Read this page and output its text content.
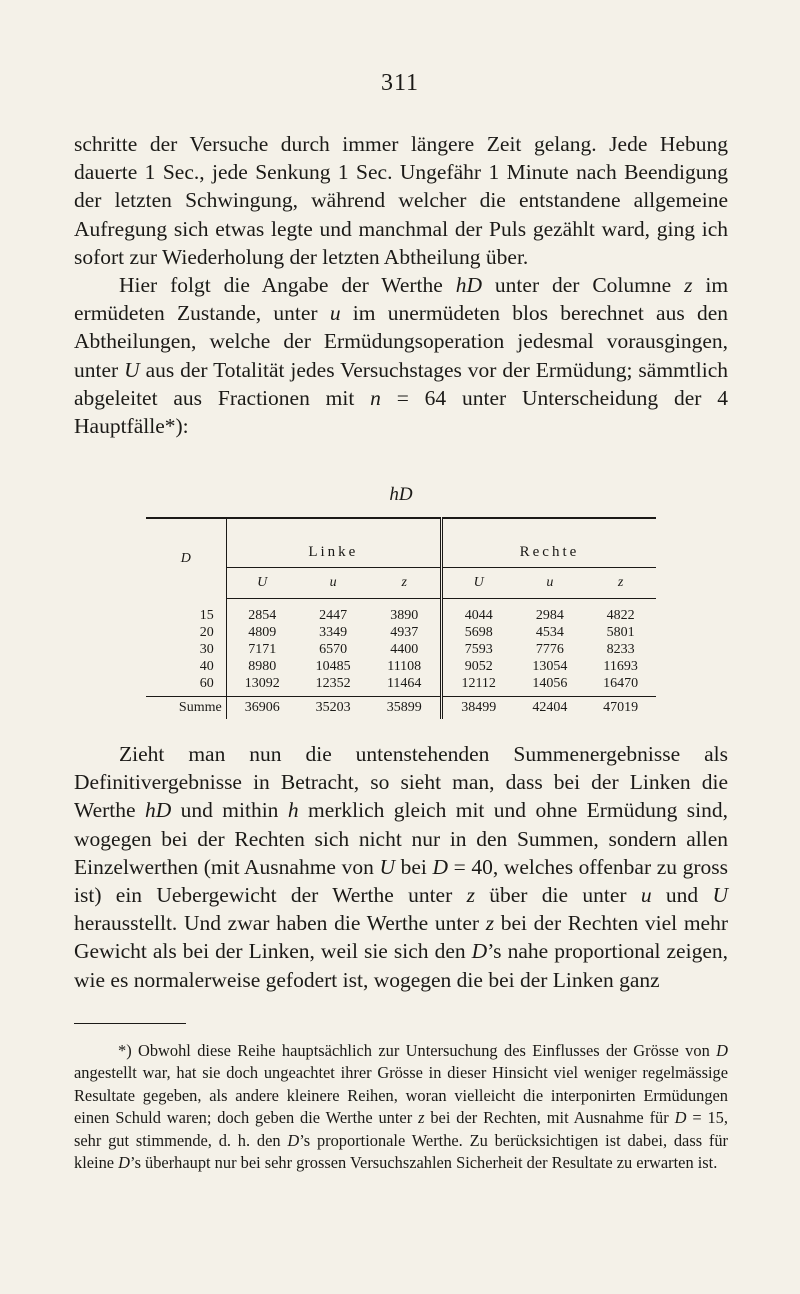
311

schritte der Versuche durch immer längere Zeit gelang. Jede Hebung dauerte 1 Sec., jede Senkung 1 Sec. Ungefähr 1 Minute nach Beendigung der letzten Schwingung, während welcher die entstandene allgemeine Aufregung sich etwas legte und manchmal der Puls gezählt ward, ging ich sofort zur Wiederholung der letzten Abtheilung über.

Hier folgt die Angabe der Werthe hD unter der Columne z im ermüdeten Zustande, unter u im unermüdeten blos berechnet aus den Abtheilungen, welche der Ermüdungsoperation jedesmal vorausgingen, unter U aus der Totalität jedes Versuchstages vor der Ermüdung; sämmtlich abgeleitet aus Fractionen mit n = 64 unter Unterscheidung der 4 Hauptfälle*):

hD
D	Linke			Rechte		
	U	u	z	U	u	z
15	2854	2447	3890	4044	2984	4822
20	4809	3349	4937	5698	4534	5801
30	7171	6570	4400	7593	7776	8233
40	8980	10485	11108	9052	13054	11693
60	13092	12352	11464	12112	14056	16470
Summe	36906	35203	35899	38499	42404	47019

Zieht man nun die untenstehenden Summenergebnisse als Definitivergebnisse in Betracht, so sieht man, dass bei der Linken die Werthe hD und mithin h merklich gleich mit und ohne Ermüdung sind, wogegen bei der Rechten sich nicht nur in den Summen, sondern allen Einzelwerthen (mit Ausnahme von U bei D = 40, welches offenbar zu gross ist) ein Uebergewicht der Werthe unter z über die unter u und U herausstellt. Und zwar haben die Werthe unter z bei der Rechten viel mehr Gewicht als bei der Linken, weil sie sich den D’s nahe proportional zeigen, wie es normalerweise gefodert ist, wogegen die bei der Linken ganz

*) Obwohl diese Reihe hauptsächlich zur Untersuchung des Einflusses der Grösse von D angestellt war, hat sie doch ungeachtet ihrer Grösse in dieser Hinsicht viel weniger regelmässige Resultate gegeben, als andere kleinere Reihen, woran vielleicht die interponirten Ermüdungen einen Schuld waren; doch geben die Werthe unter z bei der Rechten, mit Ausnahme für D = 15, sehr gut stimmende, d. h. den D’s proportionale Werthe. Zu berücksichtigen ist dabei, dass für kleine D’s überhaupt nur bei sehr grossen Versuchszahlen Sicherheit der Resultate zu erwarten ist.
